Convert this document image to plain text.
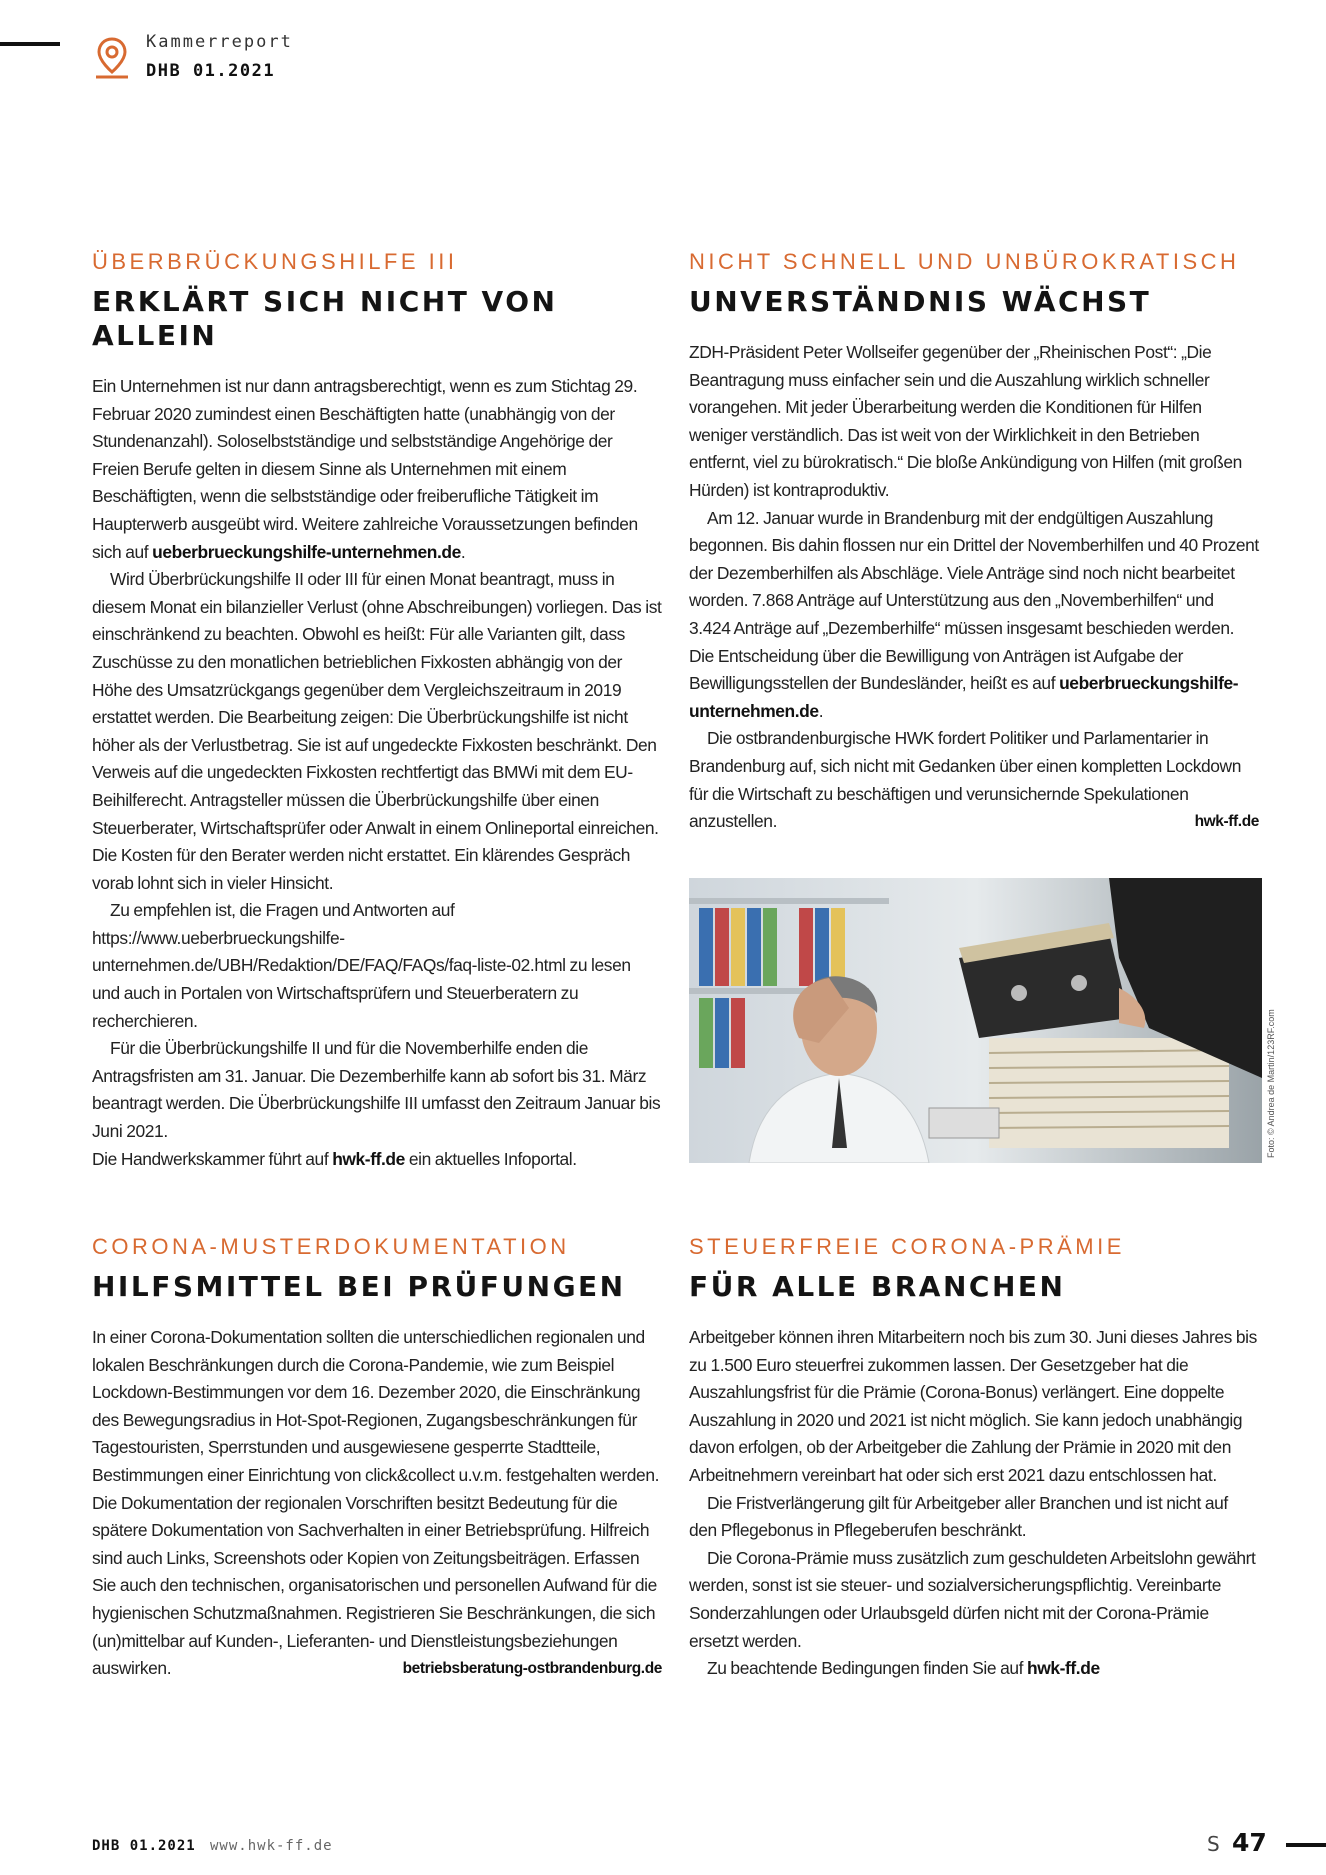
Kammerreport
DHB 01.2021
ÜBERBRÜCKUNGSHILFE III
ERKLÄRT SICH NICHT VON ALLEIN

Ein Unternehmen ist nur dann antragsberechtigt, wenn es zum Stichtag 29. Februar 2020 zumindest einen Beschäftigten hatte (unabhängig von der Stundenanzahl). Soloselbstständige und selbstständige Angehörige der Freien Berufe gelten in diesem Sinne als Unternehmen mit einem Beschäftigten, wenn die selbstständige oder freiberufliche Tätigkeit im Haupterwerb ausgeübt wird. Weitere zahlreiche Voraussetzungen befinden sich auf ueberbrueckungshilfe-unternehmen.de.

Wird Überbrückungshilfe II oder III für einen Monat beantragt, muss in diesem Monat ein bilanzieller Verlust (ohne Abschreibungen) vorliegen. Das ist einschränkend zu beachten. Obwohl es heißt: Für alle Varianten gilt, dass Zuschüsse zu den monatlichen betrieblichen Fixkosten abhängig von der Höhe des Umsatzrückgangs gegenüber dem Vergleichszeitraum in 2019 erstattet werden. Die Bearbeitung zeigen: Die Überbrückungshilfe ist nicht höher als der Verlustbetrag. Sie ist auf ungedeckte Fixkosten beschränkt. Den Verweis auf die ungedeckten Fixkosten rechtfertigt das BMWi mit dem EU-Beihilferecht. Antragsteller müssen die Überbrückungshilfe über einen Steuerberater, Wirtschaftsprüfer oder Anwalt in einem Onlineportal einreichen. Die Kosten für den Berater werden nicht erstattet. Ein klärendes Gespräch vorab lohnt sich in vieler Hinsicht.

Zu empfehlen ist, die Fragen und Antworten auf https://www.ueberbrueckungshilfe-unternehmen.de/UBH/Redaktion/DE/FAQ/FAQs/faq-liste-02.html zu lesen und auch in Portalen von Wirtschaftsprüfern und Steuerberatern zu recherchieren.

Für die Überbrückungshilfe II und für die Novemberhilfe enden die Antragsfristen am 31. Januar. Die Dezemberhilfe kann ab sofort bis 31. März beantragt werden. Die Überbrückungshilfe III umfasst den Zeitraum Januar bis Juni 2021.

Die Handwerkskammer führt auf hwk-ff.de ein aktuelles Infoportal.

NICHT SCHNELL UND UNBÜROKRATISCH
UNVERSTÄNDNIS WÄCHST

ZDH-Präsident Peter Wollseifer gegenüber der „Rheinischen Post“: „Die Beantragung muss einfacher sein und die Auszahlung wirklich schneller vorangehen. Mit jeder Überarbeitung werden die Konditionen für Hilfen weniger verständlich. Das ist weit von der Wirklichkeit in den Betrieben entfernt, viel zu bürokratisch.“ Die bloße Ankündigung von Hilfen (mit großen Hürden) ist kontraproduktiv.

Am 12. Januar wurde in Brandenburg mit der endgültigen Auszahlung begonnen. Bis dahin flossen nur ein Drittel der Novemberhilfen und 40 Prozent der Dezemberhilfen als Abschläge. Viele Anträge sind noch nicht bearbeitet worden. 7.868 Anträge auf Unterstützung aus den „Novemberhilfen“ und 3.424 Anträge auf „Dezemberhilfe“ müssen insgesamt beschieden werden. Die Entscheidung über die Bewilligung von Anträgen ist Aufgabe der Bewilligungsstellen der Bundesländer, heißt es auf ueberbrueckungshilfe-unternehmen.de.

Die ostbrandenburgische HWK fordert Politiker und Parlamentarier in Brandenburg auf, sich nicht mit Gedanken über einen kompletten Lockdown für die Wirtschaft zu beschäftigen und verunsichernde Spekulationen anzustellen.	hwk-ff.de

Foto: © Andrea de Martin/123RF.com
CORONA-MUSTERDOKUMENTATION
HILFSMITTEL BEI PRÜFUNGEN

In einer Corona-Dokumentation sollten die unterschiedlichen regionalen und lokalen Beschränkungen durch die Corona-Pandemie, wie zum Beispiel Lockdown-Bestimmungen vor dem 16. Dezember 2020, die Einschränkung des Bewegungsradius in Hot-Spot-Regionen, Zugangsbeschränkungen für Tagestouristen, Sperrstunden und ausgewiesene gesperrte Stadtteile, Bestimmungen einer Einrichtung von click&collect u.v.m. festgehalten werden. Die Dokumentation der regionalen Vorschriften besitzt Bedeutung für die spätere Dokumentation von Sachverhalten in einer Betriebsprüfung. Hilfreich sind auch Links, Screenshots oder Kopien von Zeitungsbeiträgen. Erfassen Sie auch den technischen, organisatorischen und personellen Aufwand für die hygienischen Schutzmaßnahmen. Registrieren Sie Beschränkungen, die sich (un)mittelbar auf Kunden-, Lieferanten- und Dienstleistungsbeziehungen auswirken.	betriebsberatung-ostbrandenburg.de

STEUERFREIE CORONA-PRÄMIE
FÜR ALLE BRANCHEN

Arbeitgeber können ihren Mitarbeitern noch bis zum 30. Juni dieses Jahres bis zu 1.500 Euro steuerfrei zukommen lassen. Der Gesetzgeber hat die Auszahlungsfrist für die Prämie (Corona-Bonus) verlängert. Eine doppelte Auszahlung in 2020 und 2021 ist nicht möglich. Sie kann jedoch unabhängig davon erfolgen, ob der Arbeitgeber die Zahlung der Prämie in 2020 mit den Arbeitnehmern vereinbart hat oder sich erst 2021 dazu entschlossen hat.

Die Fristverlängerung gilt für Arbeitgeber aller Branchen und ist nicht auf den Pflegebonus in Pflegeberufen beschränkt.

Die Corona-Prämie muss zusätzlich zum geschuldeten Arbeitslohn gewährt werden, sonst ist sie steuer- und sozialversicherungspflichtig. Vereinbarte Sonderzahlungen oder Urlaubsgeld dürfen nicht mit der Corona-Prämie ersetzt werden.

Zu beachtende Bedingungen finden Sie auf hwk-ff.de

DHB 01.2021 www.hwk-ff.de	S 47
